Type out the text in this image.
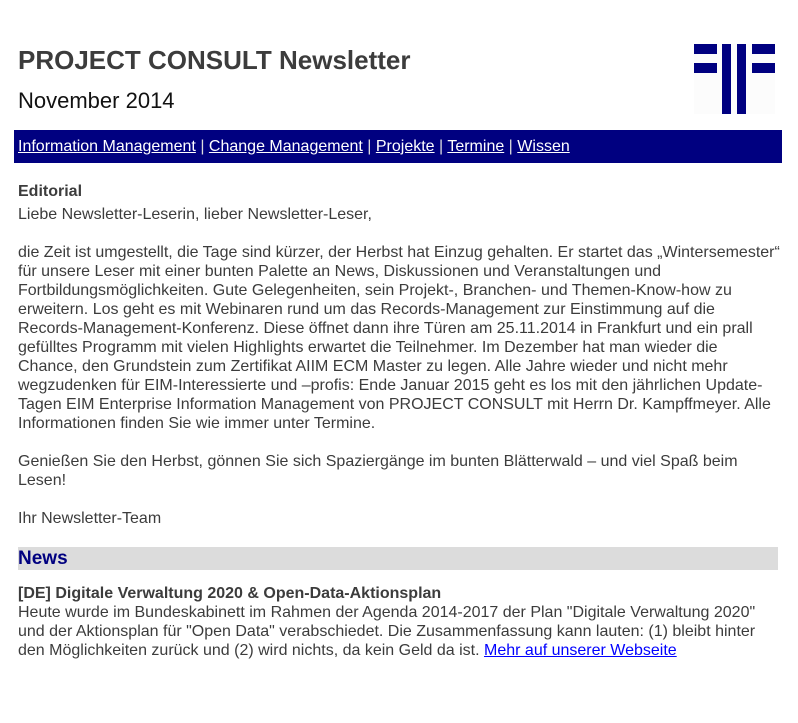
PROJECT CONSULT Newsletter
November 2014
Information Management | Change Management | Projekte | Termine | Wissen
Editorial

Liebe Newsletter-Leserin, lieber Newsletter-Leser,

die Zeit ist umgestellt, die Tage sind kürzer, der Herbst hat Einzug gehalten. Er startet das „Wintersemester“ für unsere Leser mit einer bunten Palette an News, Diskussionen und Veranstaltungen und Fortbildungsmöglichkeiten. Gute Gelegenheiten, sein Projekt-, Branchen- und Themen-Know-how zu erweitern. Los geht es mit Webinaren rund um das Records-Management zur Einstimmung auf die Records-Management-Konferenz. Diese öffnet dann ihre Türen am 25.11.2014 in Frankfurt und ein prall gefülltes Programm mit vielen Highlights erwartet die Teilnehmer. Im Dezember hat man wieder die Chance, den Grundstein zum Zertifikat AIIM ECM Master zu legen. Alle Jahre wieder und nicht mehr wegzudenken für EIM-Interessierte und –profis: Ende Januar 2015 geht es los mit den jährlichen Update-Tagen EIM Enterprise Information Management von PROJECT CONSULT mit Herrn Dr. Kampffmeyer. Alle Informationen finden Sie wie immer unter Termine.

Genießen Sie den Herbst, gönnen Sie sich Spaziergänge im bunten Blätterwald – und viel Spaß beim Lesen!

Ihr Newsletter-Team

News
[DE] Digitale Verwaltung 2020 & Open-Data-Aktionsplan

Heute wurde im Bundeskabinett im Rahmen der Agenda 2014-2017 der Plan "Digitale Verwaltung 2020" und der Aktionsplan für "Open Data" verabschiedet. Die Zusammenfassung kann lauten: (1) bleibt hinter den Möglichkeiten zurück und (2) wird nichts, da kein Geld da ist. Mehr auf unserer Webseite
